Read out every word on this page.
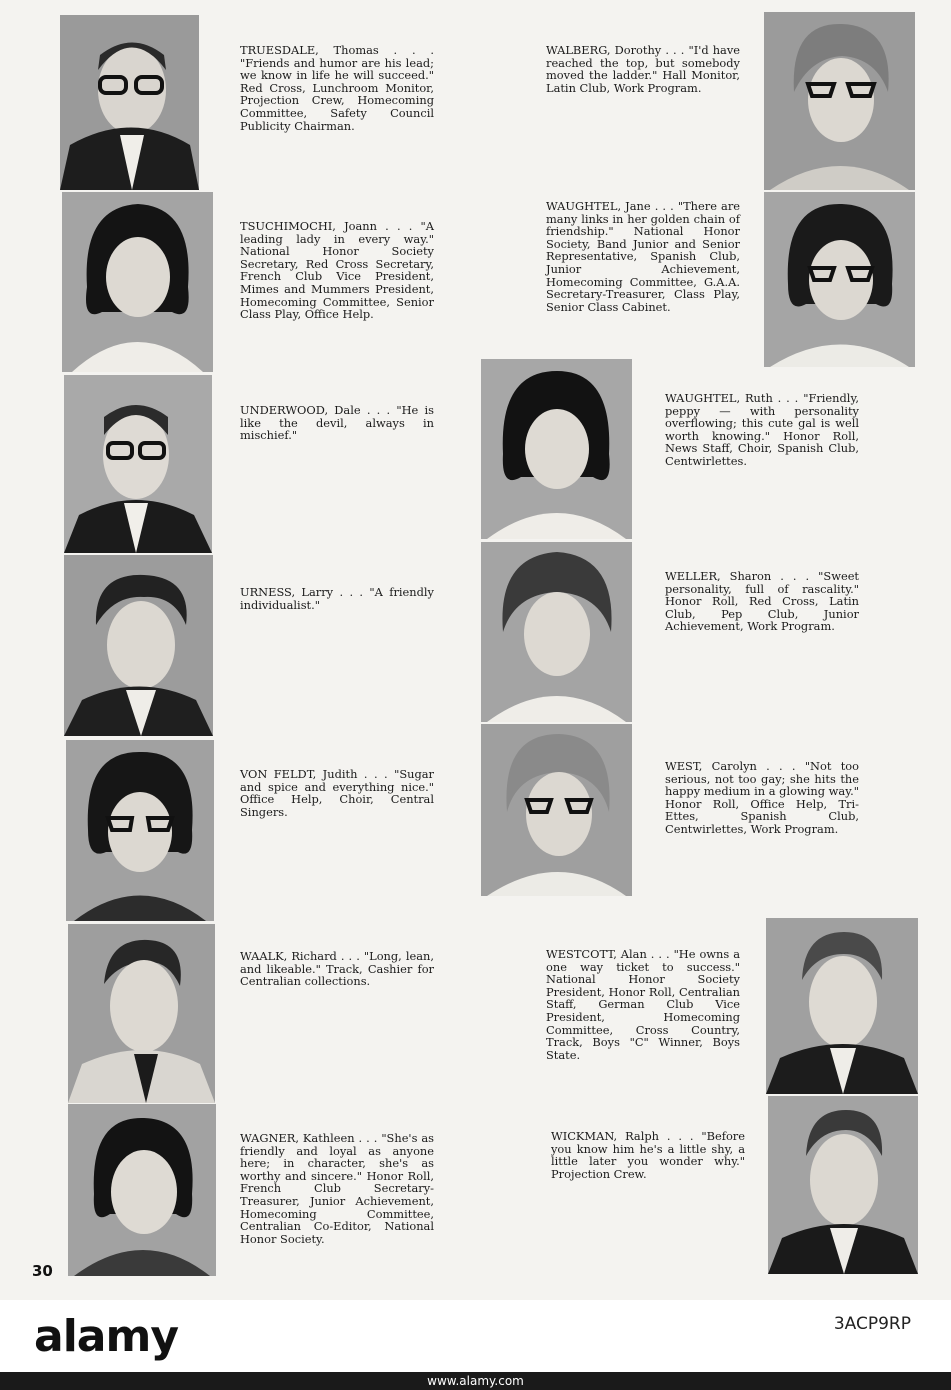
TRUESDALE, Thomas . . . "Friends and humor are his lead; we know in life he will succeed." Red Cross, Lunchroom Monitor, Projection Crew, Homecoming Committee, Safety Council Publicity Chairman.
TSUCHIMOCHI, Joann . . . "A leading lady in every way." National Honor Society Secretary, Red Cross Secretary, French Club Vice President, Mimes and Mummers President, Homecoming Committee, Senior Class Play, Office Help.
UNDERWOOD, Dale . . . "He is like the devil, always in mischief."
URNESS, Larry . . . "A friendly individualist."
VON FELDT, Judith . . . "Sugar and spice and everything nice." Office Help, Choir, Central Singers.
WAALK, Richard . . . "Long, lean, and likeable." Track, Cashier for Centralian collections.
WAGNER, Kathleen . . . "She's as friendly and loyal as anyone here; in character, she's as worthy and sincere." Honor Roll, French Club Secretary-Treasurer, Junior Achievement, Homecoming Committee, Centralian Co-Editor, National Honor Society.
WALBERG, Dorothy . . . "I'd have reached the top, but somebody moved the ladder." Hall Monitor, Latin Club, Work Program.
WAUGHTEL, Jane . . . "There are many links in her golden chain of friendship." National Honor Society, Band Junior and Senior Representative, Spanish Club, Junior Achievement, Homecoming Committee, G.A.A. Secretary-Treasurer, Class Play, Senior Class Cabinet.
WAUGHTEL, Ruth . . . "Friendly, peppy — with personality overflowing; this cute gal is well worth knowing." Honor Roll, News Staff, Choir, Spanish Club, Centwirlettes.
WELLER, Sharon . . . "Sweet personality, full of rascality." Honor Roll, Red Cross, Latin Club, Pep Club, Junior Achievement, Work Program.
WEST, Carolyn . . . "Not too serious, not too gay; she hits the happy medium in a glowing way." Honor Roll, Office Help, Tri-Ettes, Spanish Club, Centwirlettes, Work Program.
WESTCOTT, Alan . . . "He owns a one way ticket to success." National Honor Society President, Honor Roll, Centralian Staff, German Club Vice President, Homecoming Committee, Cross Country, Track, Boys "C" Winner, Boys State.
WICKMAN, Ralph . . . "Before you know him he's a little shy, a little later you wonder why." Projection Crew.
30
alamy	3ACP9RP
www.alamy.com
